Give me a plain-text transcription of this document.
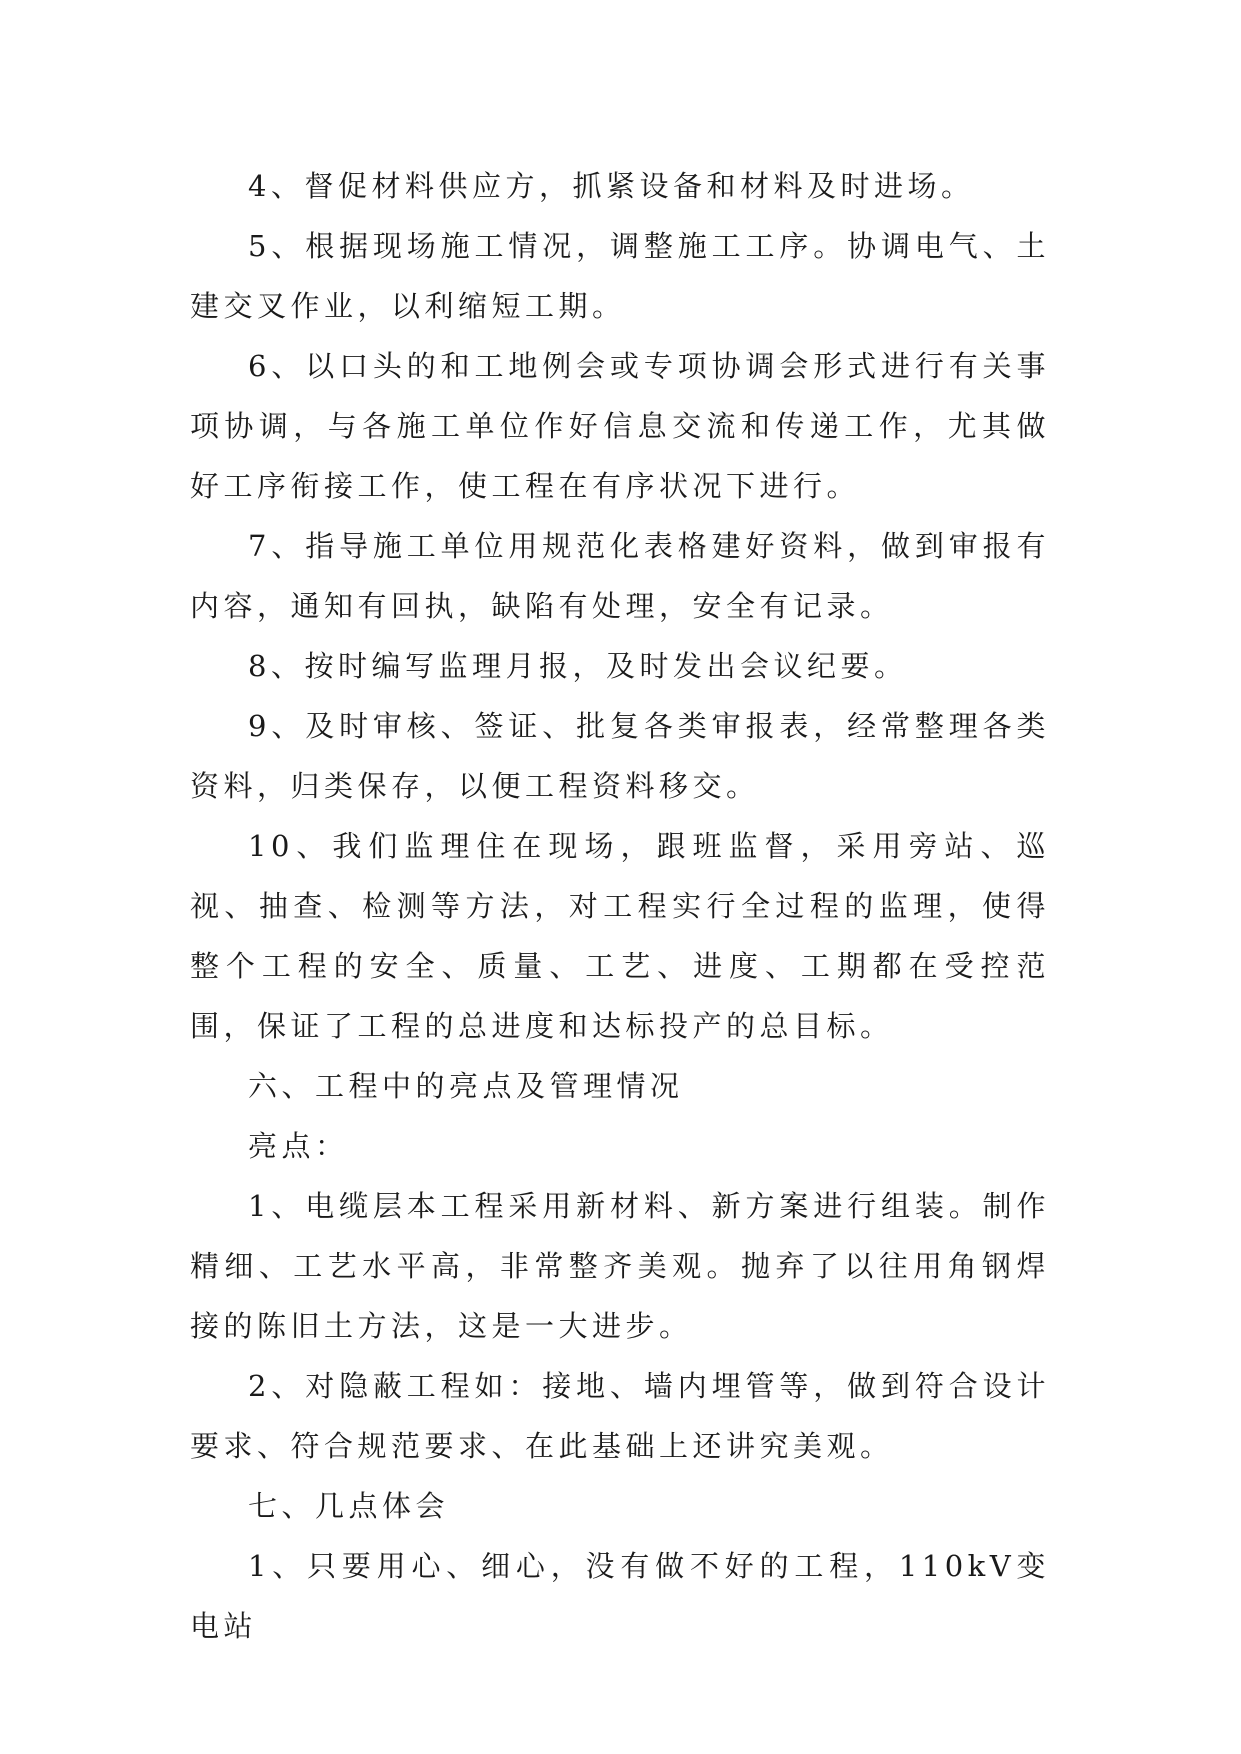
4、督促材料供应方，抓紧设备和材料及时进场。

5、根据现场施工情况，调整施工工序。协调电气、土建交叉作业，以利缩短工期。

6、以口头的和工地例会或专项协调会形式进行有关事项协调，与各施工单位作好信息交流和传递工作，尤其做好工序衔接工作，使工程在有序状况下进行。

7、指导施工单位用规范化表格建好资料，做到审报有内容，通知有回执，缺陷有处理，安全有记录。

8、按时编写监理月报，及时发出会议纪要。

9、及时审核、签证、批复各类审报表，经常整理各类资料，归类保存，以便工程资料移交。

10、我们监理住在现场，跟班监督，采用旁站、巡视、抽查、检测等方法，对工程实行全过程的监理，使得整个工程的安全、质量、工艺、进度、工期都在受控范围，保证了工程的总进度和达标投产的总目标。

六、工程中的亮点及管理情况

亮点：

1、电缆层本工程采用新材料、新方案进行组装。制作精细、工艺水平高，非常整齐美观。抛弃了以往用角钢焊接的陈旧土方法，这是一大进步。

2、对隐蔽工程如：接地、墙内埋管等，做到符合设计要求、符合规范要求、在此基础上还讲究美观。

七、几点体会

1、只要用心、细心，没有做不好的工程，110kV变电站
